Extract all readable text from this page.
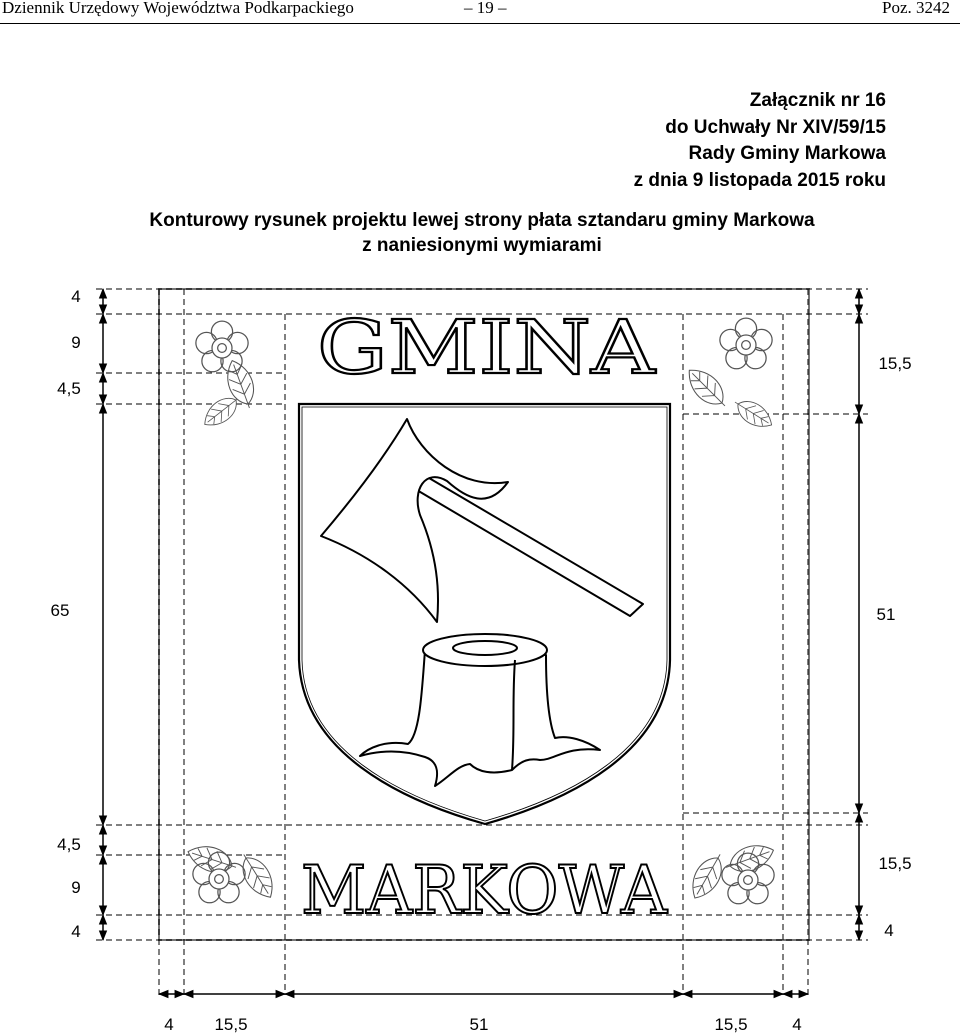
Dziennik Urzędowy Województwa Podkarpackiego	– 19 –	Poz. 3242
Załącznik nr 16
do Uchwały Nr XIV/59/15
Rady Gminy Markowa
z dnia 9 listopada 2015 roku
Konturowy rysunek projektu lewej strony płata sztandaru gminy Markowa
z naniesionymi wymiarami
4
9
4,5
65
4,5
9
4
15,5
51
15,5
4
4 15,5	51	15,5	4
GMINA
MARKOWA
